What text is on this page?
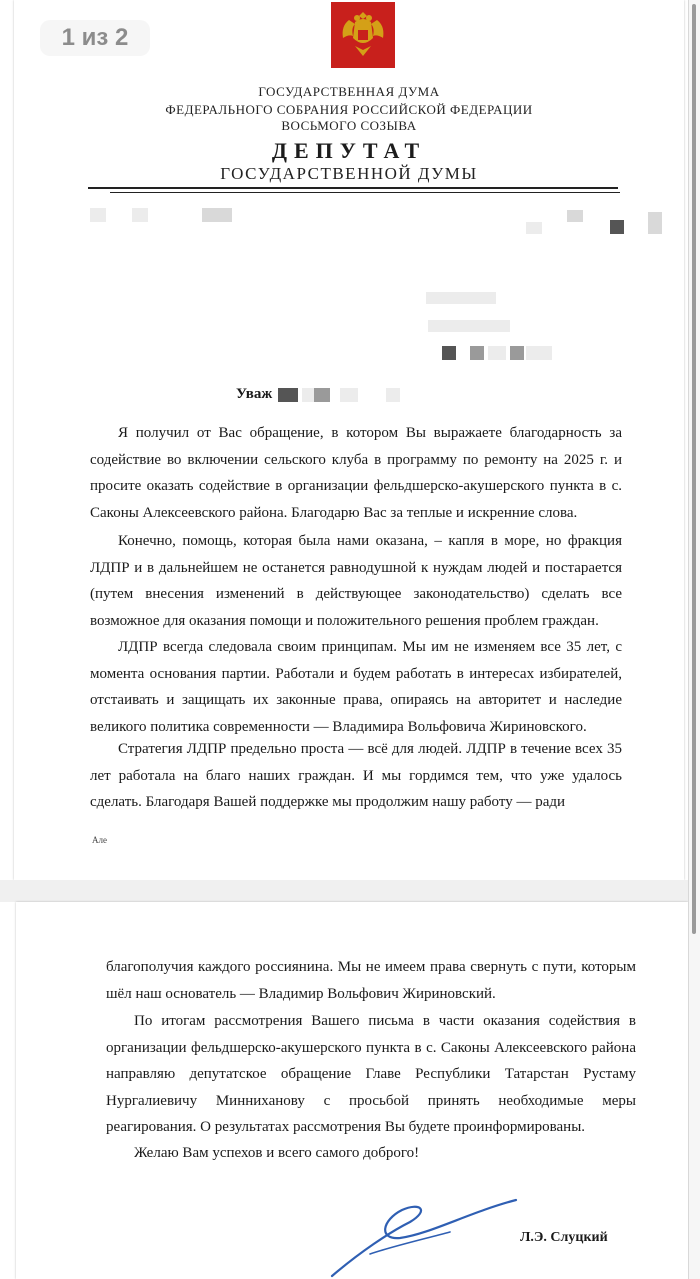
ГОСУДАРСТВЕННАЯ ДУМА
ФЕДЕРАЛЬНОГО СОБРАНИЯ РОССИЙСКОЙ ФЕДЕРАЦИИ
ВОСЬМОГО СОЗЫВА
ДЕПУТАТ
ГОСУДАРСТВЕННОЙ ДУМЫ
Уваж

Я получил от Вас обращение, в котором Вы выражаете благодарность за содействие во включении сельского клуба в программу по ремонту на 2025 г. и просите оказать содействие в организации фельдшерско-акушерского пункта в с. Саконы Алексеевского района. Благодарю Вас за теплые и искренние слова.

Конечно, помощь, которая была нами оказана, – капля в море, но фракция ЛДПР и в дальнейшем не останется равнодушной к нуждам людей и постарается (путем внесения изменений в действующее законодательство) сделать все возможное для оказания помощи и положительного решения проблем граждан.

ЛДПР всегда следовала своим принципам. Мы им не изменяем все 35 лет, с момента основания партии. Работали и будем работать в интересах избирателей, отстаивать и защищать их законные права, опираясь на авторитет и наследие великого политика современности — Владимира Вольфовича Жириновского.

Стратегия ЛДПР предельно проста — всё для людей. ЛДПР в течение всех 35 лет работала на благо наших граждан. И мы гордимся тем, что уже удалось сделать. Благодаря Вашей поддержке мы продолжим нашу работу — ради

Але

благополучия каждого россиянина. Мы не имеем права свернуть с пути, которым шёл наш основатель — Владимир Вольфович Жириновский.

По итогам рассмотрения Вашего письма в части оказания содействия в организации фельдшерско-акушерского пункта в с. Саконы Алексеевского района направляю депутатское обращение Главе Республики Татарстан Рустаму Нургалиевичу Минниханову с просьбой принять необходимые меры реагирования. О результатах рассмотрения Вы будете проинформированы.

Желаю Вам успехов и всего самого доброго!

Л.Э. Слуцкий
1 из 2
